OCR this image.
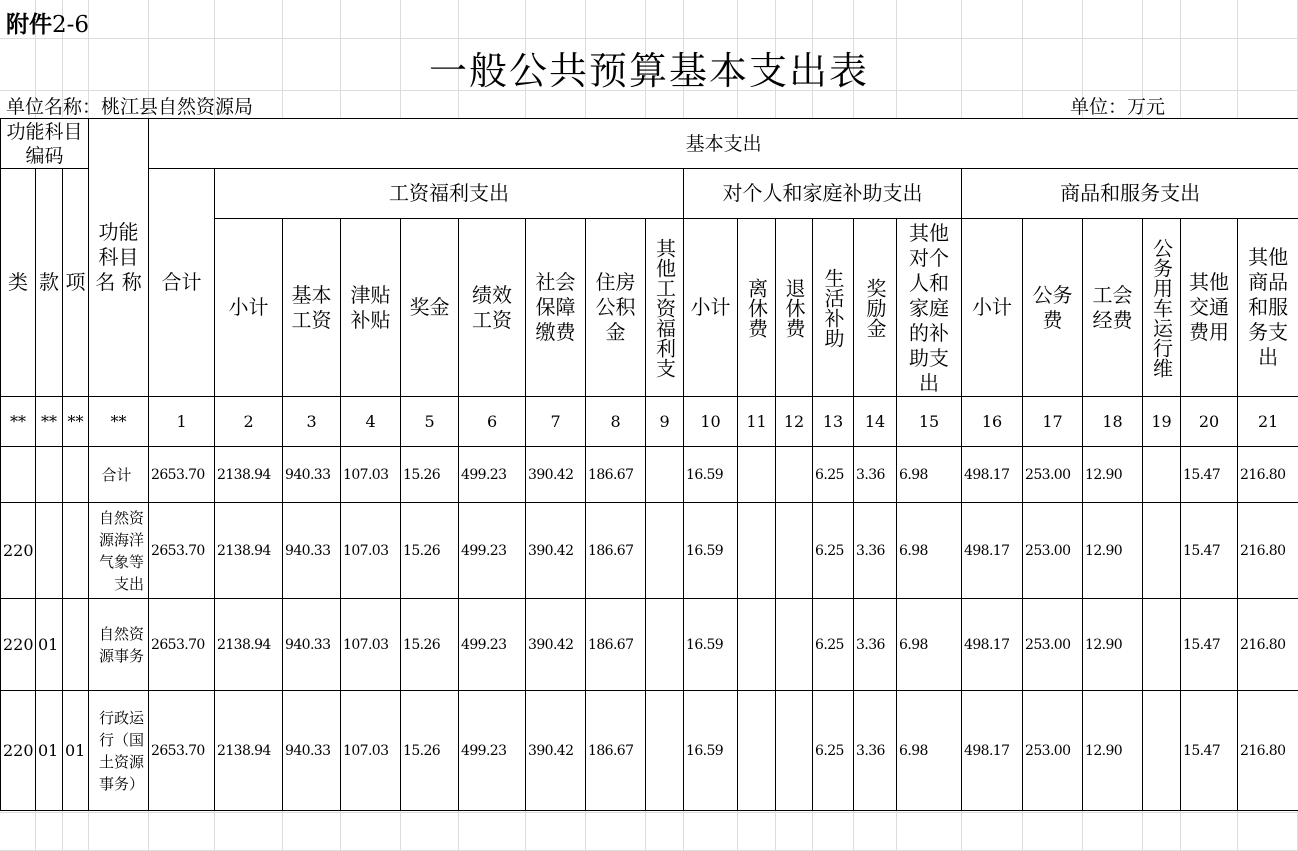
附件2-6
一般公共预算基本支出表
单位名称：桃江县自然资源局	单位：万元
功能科目编码			功能科目名 称	基本支出																				
类	款	项		合计	工资福利支出								对个人和家庭补助支出						商品和服务支出					

					小计	基本工资	津贴补贴	奖金	绩效工资	社会保障缴费	住房公积金	其他工资福利支	小计	离休费	退休费	生活补助	奖励金	其他对个人和家庭的补助支出	小计	公务费	工会经费	公务用车运行维	其他交通费用	其他商品和服务支出

**	**	**	**	1	2	3	4	5	6	7	8	9	10	11	12	13	14	15	16	17	18	19	20	21
			合计	2653.70	2138.94	940.33	107.03	15.26	499.23	390.42	186.67		16.59			6.25	3.36	6.98	498.17	253.00	12.90		15.47	216.80
220			自然资源海洋气象等支出	2653.70	2138.94	940.33	107.03	15.26	499.23	390.42	186.67		16.59			6.25	3.36	6.98	498.17	253.00	12.90		15.47	216.80
220	01		自然资源事务	2653.70	2138.94	940.33	107.03	15.26	499.23	390.42	186.67		16.59			6.25	3.36	6.98	498.17	253.00	12.90		15.47	216.80
220	01	01	行政运行（国土资源事务）	2653.70	2138.94	940.33	107.03	15.26	499.23	390.42	186.67		16.59			6.25	3.36	6.98	498.17	253.00	12.90		15.47	216.80
